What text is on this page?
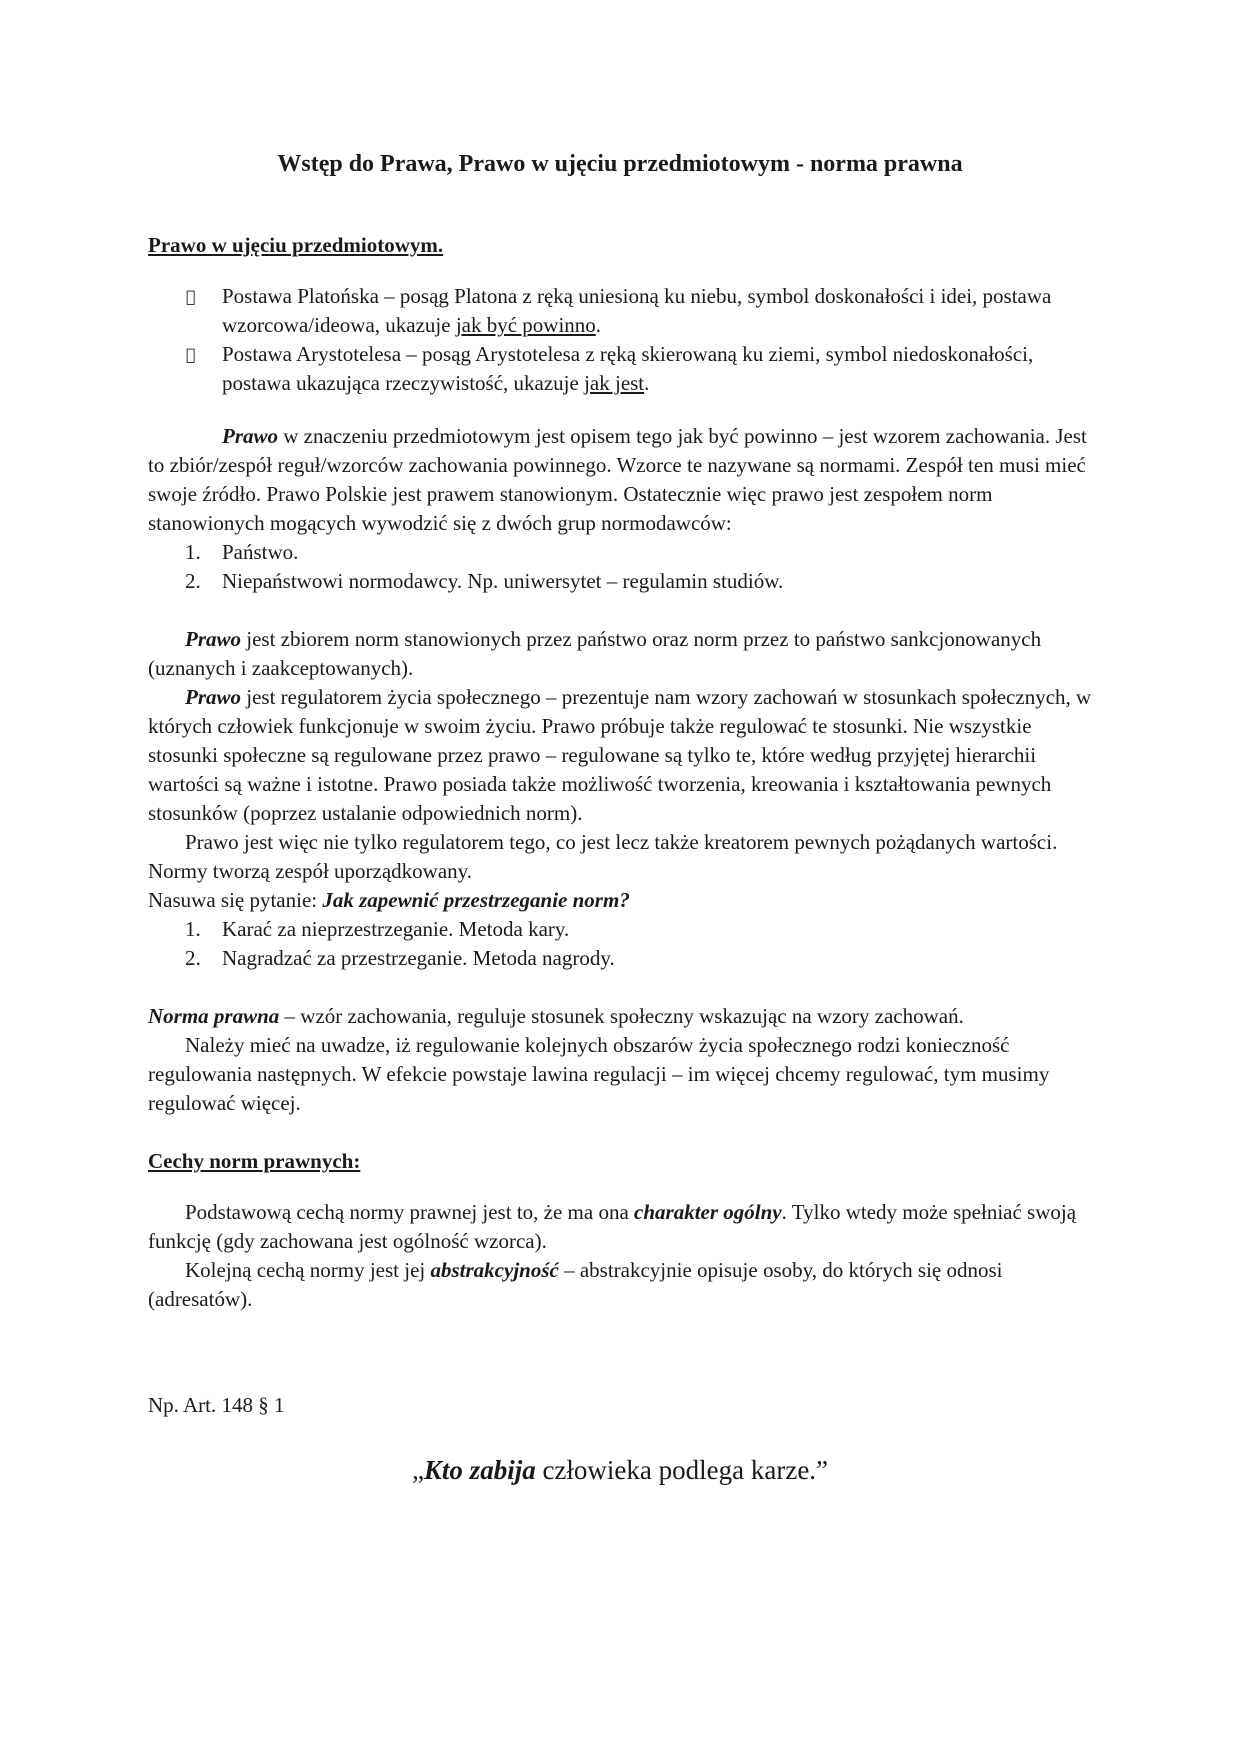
Wstęp do Prawa, Prawo w ujęciu przedmiotowym - norma prawna
Prawo w ujęciu przedmiotowym.
Postawa Platońska – posąg Platona z ręką uniesioną ku niebu, symbol doskonałości i idei, postawa wzorcowa/ideowa, ukazuje jak być powinno.
Postawa Arystotelesa – posąg Arystotelesa z ręką skierowaną ku ziemi, symbol niedoskonałości, postawa ukazująca rzeczywistość, ukazuje jak jest.

Prawo w znaczeniu przedmiotowym jest opisem tego jak być powinno – jest wzorem zachowania. Jest to zbiór/zespół reguł/wzorców zachowania powinnego. Wzorce te nazywane są normami. Zespół ten musi mieć swoje źródło. Prawo Polskie jest prawem stanowionym. Ostatecznie więc prawo jest zespołem norm stanowionych mogących wywodzić się z dwóch grup normodawców:

1. Państwo.
2. Niepaństwowi normodawcy. Np. uniwersytet – regulamin studiów.

Prawo jest zbiorem norm stanowionych przez państwo oraz norm przez to państwo sankcjonowanych (uznanych i zaakceptowanych).

Prawo jest regulatorem życia społecznego – prezentuje nam wzory zachowań w stosunkach społecznych, w których człowiek funkcjonuje w swoim życiu. Prawo próbuje także regulować te stosunki. Nie wszystkie stosunki społeczne są regulowane przez prawo – regulowane są tylko te, które według przyjętej hierarchii wartości są ważne i istotne. Prawo posiada także możliwość tworzenia, kreowania i kształtowania pewnych stosunków (poprzez ustalanie odpowiednich norm).

Prawo jest więc nie tylko regulatorem tego, co jest lecz także kreatorem pewnych pożądanych wartości.

Normy tworzą zespół uporządkowany.

Nasuwa się pytanie: Jak zapewnić przestrzeganie norm?

1. Karać za nieprzestrzeganie. Metoda kary.
2. Nagradzać za przestrzeganie. Metoda nagrody.

Norma prawna – wzór zachowania, reguluje stosunek społeczny wskazując na wzory zachowań.

Należy mieć na uwadze, iż regulowanie kolejnych obszarów życia społecznego rodzi konieczność regulowania następnych. W efekcie powstaje lawina regulacji – im więcej chcemy regulować, tym musimy regulować więcej.

Cechy norm prawnych:

Podstawową cechą normy prawnej jest to, że ma ona charakter ogólny. Tylko wtedy może spełniać swoją funkcję (gdy zachowana jest ogólność wzorca).

Kolejną cechą normy jest jej abstrakcyjność – abstrakcyjnie opisuje osoby, do których się odnosi (adresatów).

Np. Art. 148 § 1

„Kto zabija człowieka podlega karze.”
